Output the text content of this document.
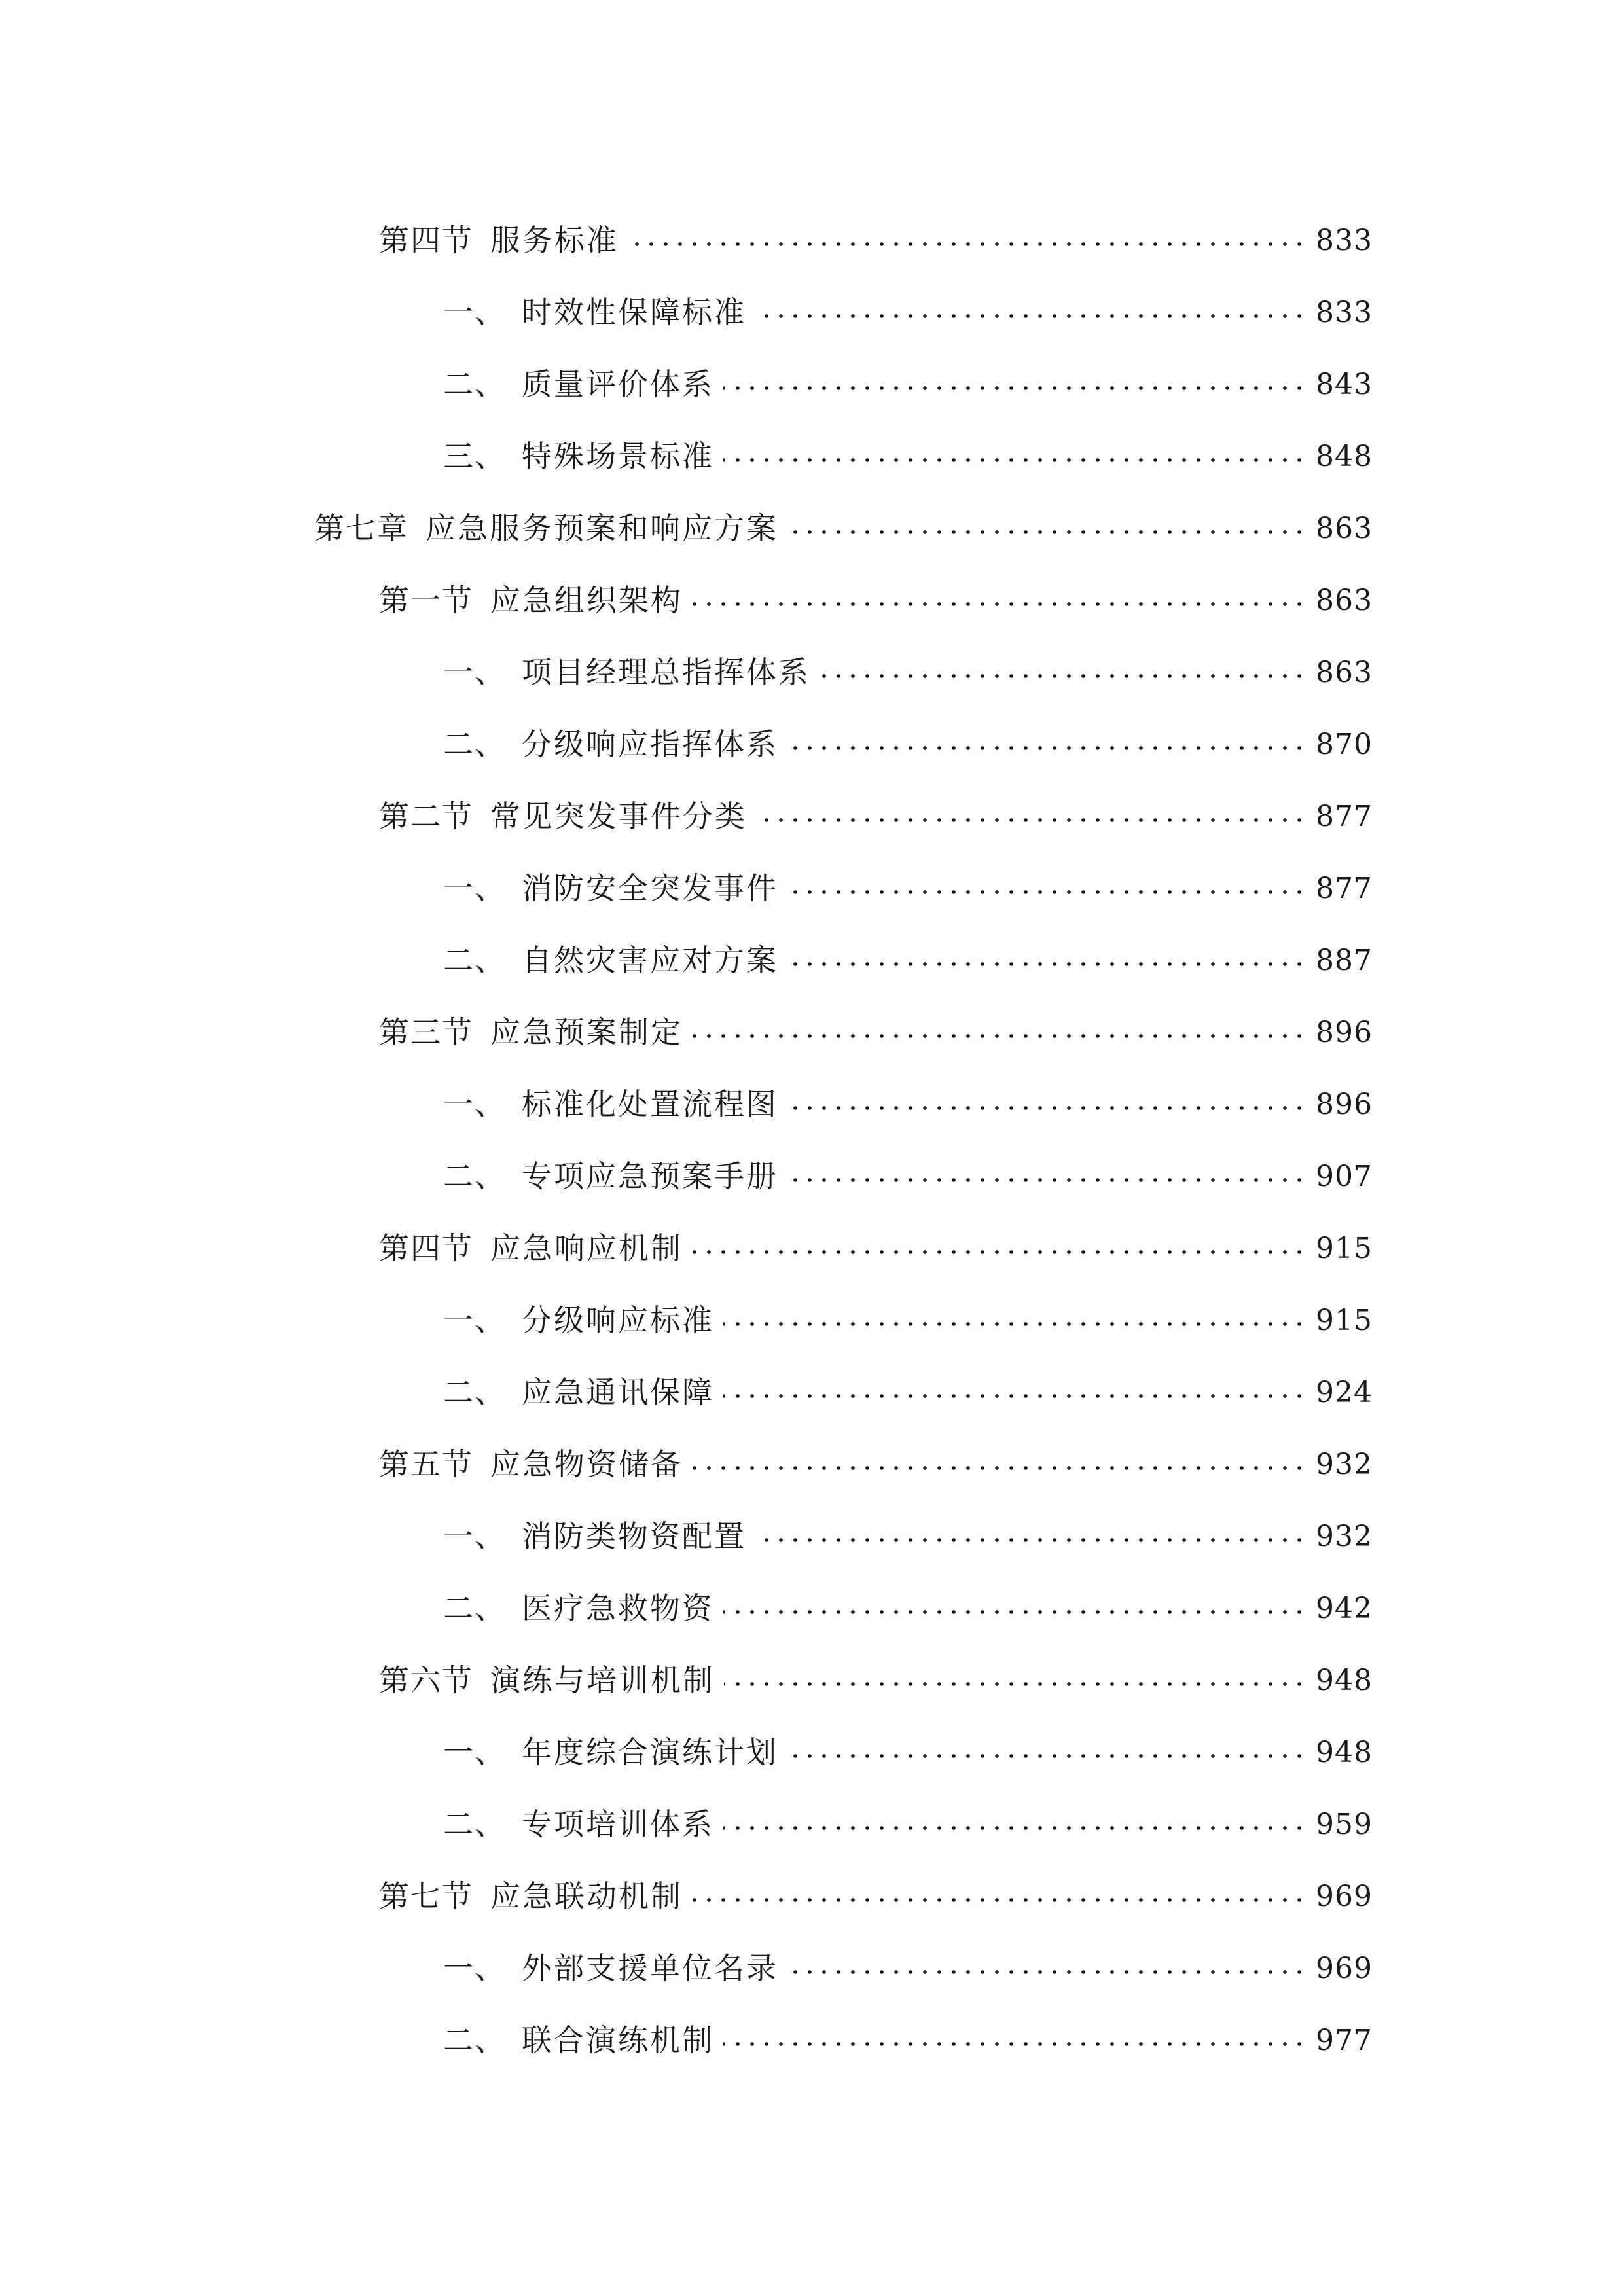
第四节 服务标准	833
一、 时效性保障标准	833
二、 质量评价体系	843
三、 特殊场景标准	848
第七章 应急服务预案和响应方案	863
第一节 应急组织架构	863
一、 项目经理总指挥体系	863
二、 分级响应指挥体系	870
第二节 常见突发事件分类	877
一、 消防安全突发事件	877
二、 自然灾害应对方案	887
第三节 应急预案制定	896
一、 标准化处置流程图	896
二、 专项应急预案手册	907
第四节 应急响应机制	915
一、 分级响应标准	915
二、 应急通讯保障	924
第五节 应急物资储备	932
一、 消防类物资配置	932
二、 医疗急救物资	942
第六节 演练与培训机制	948
一、 年度综合演练计划	948
二、 专项培训体系	959
第七节 应急联动机制	969
一、 外部支援单位名录	969
二、 联合演练机制	977
